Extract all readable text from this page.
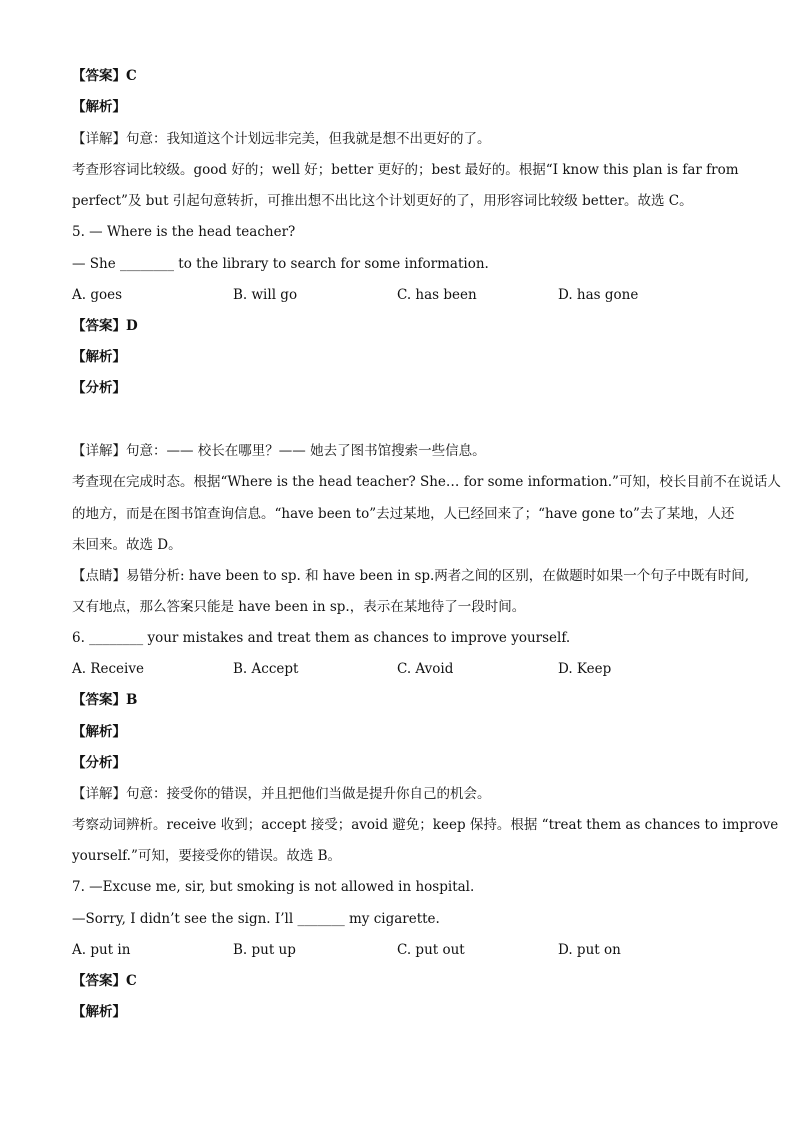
【答案】C
【解析】
【详解】句意：我知道这个计划远非完美，但我就是想不出更好的了。
考查形容词比较级。good 好的；well 好；better 更好的；best 最好的。根据“I know this plan is far from
perfect”及 but 引起句意转折，可推出想不出比这个计划更好的了，用形容词比较级 better。故选 C。
5. — Where is the head teacher?
— She ________ to the library to search for some information.
A. goes	B. will go	C. has been	D. has gone
【答案】D
【解析】
【分析】
【详解】句意：—— 校长在哪里？—— 她去了图书馆搜索一些信息。
考查现在完成时态。根据“Where is the head teacher? She… for some information.”可知，校长目前不在说话人
的地方，而是在图书馆查询信息。“have been to”去过某地，人已经回来了；“have gone to”去了某地，人还
未回来。故选 D。
【点睛】易错分析: have been to sp. 和 have been in sp.两者之间的区别，在做题时如果一个句子中既有时间,
又有地点，那么答案只能是 have been in sp.，表示在某地待了一段时间。
6. ________ your mistakes and treat them as chances to improve yourself.
A. Receive	B. Accept	C. Avoid	D. Keep
【答案】B
【解析】
【分析】
【详解】句意：接受你的错误，并且把他们当做是提升你自己的机会。
考察动词辨析。receive 收到；accept 接受；avoid 避免；keep 保持。根据 “treat them as chances to improve
yourself.”可知，要接受你的错误。故选 B。
7. —Excuse me, sir, but smoking is not allowed in hospital.
—Sorry, I didn’t see the sign. I’ll _______ my cigarette.
A. put in	B. put up	C. put out	D. put on
【答案】C
【解析】
